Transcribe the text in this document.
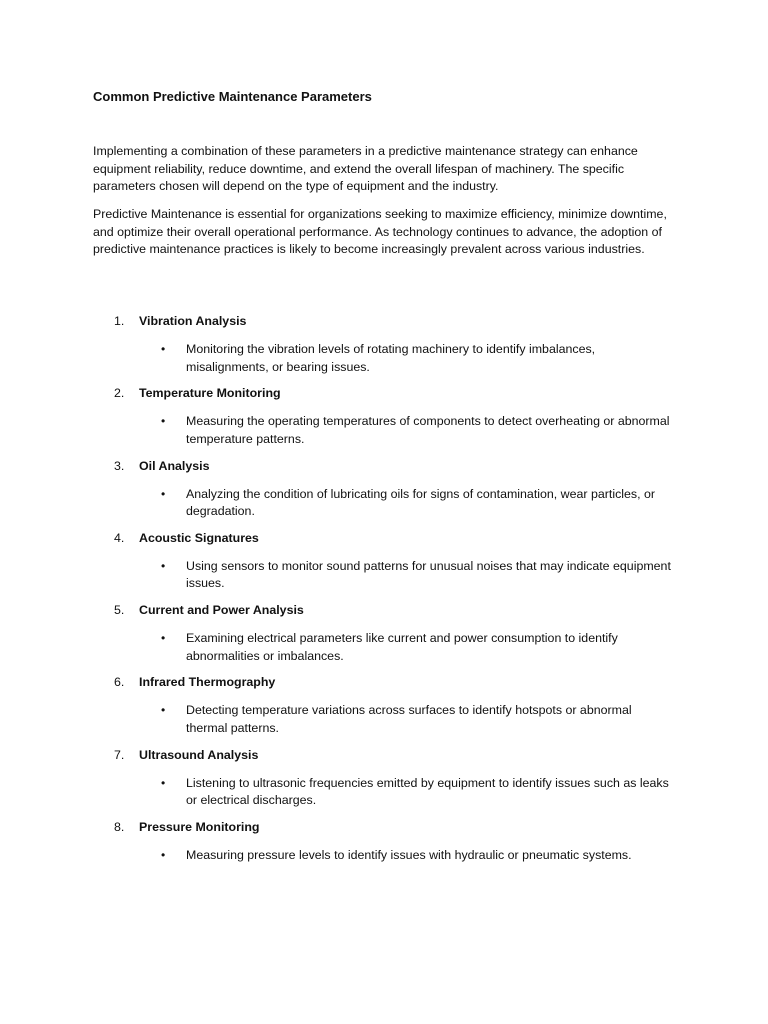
Common Predictive Maintenance Parameters

Implementing a combination of these parameters in a predictive maintenance strategy can enhance equipment reliability, reduce downtime, and extend the overall lifespan of machinery. The specific parameters chosen will depend on the type of equipment and the industry.

Predictive Maintenance is essential for organizations seeking to maximize efficiency, minimize downtime, and optimize their overall operational performance. As technology continues to advance, the adoption of predictive maintenance practices is likely to become increasingly prevalent across various industries.

1. Vibration Analysis
• Monitoring the vibration levels of rotating machinery to identify imbalances, misalignments, or bearing issues.

2. Temperature Monitoring
• Measuring the operating temperatures of components to detect overheating or abnormal temperature patterns.

3. Oil Analysis
• Analyzing the condition of lubricating oils for signs of contamination, wear particles, or degradation.

4. Acoustic Signatures
• Using sensors to monitor sound patterns for unusual noises that may indicate equipment issues.

5. Current and Power Analysis
• Examining electrical parameters like current and power consumption to identify abnormalities or imbalances.

6. Infrared Thermography
• Detecting temperature variations across surfaces to identify hotspots or abnormal thermal patterns.

7. Ultrasound Analysis
• Listening to ultrasonic frequencies emitted by equipment to identify issues such as leaks or electrical discharges.

8. Pressure Monitoring
• Measuring pressure levels to identify issues with hydraulic or pneumatic systems.
